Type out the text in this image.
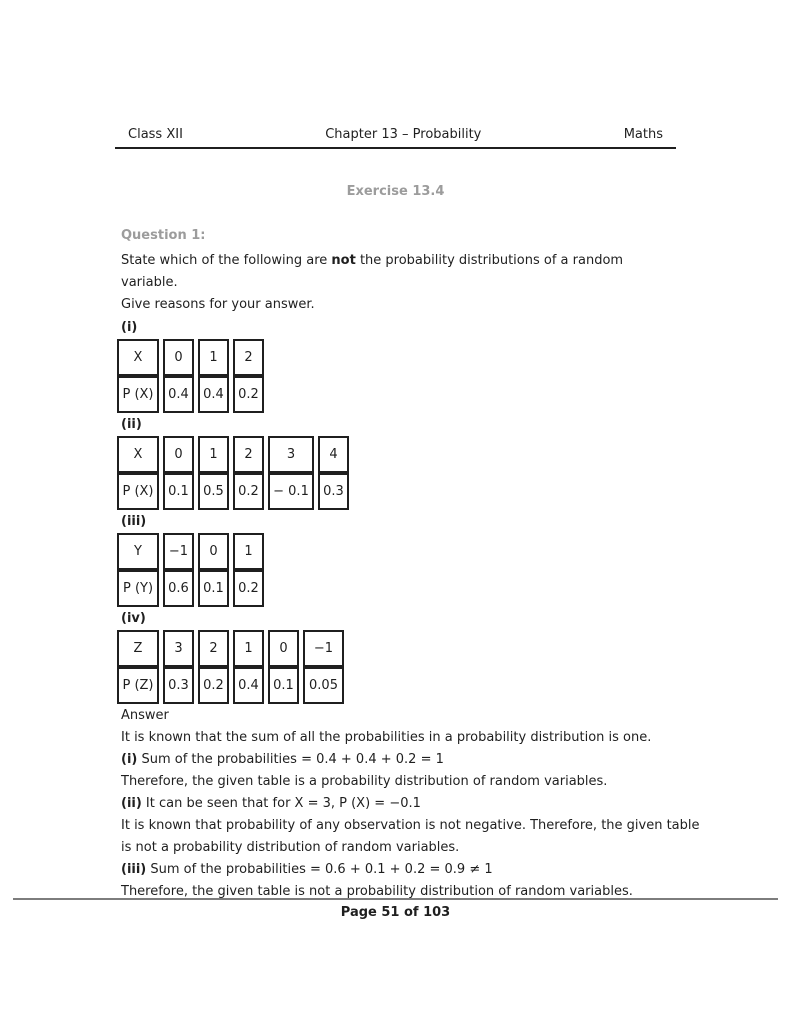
Class XII	Chapter 13 – Probability	Maths
Exercise 13.4
Question 1:

State which of the following are not the probability distributions of a random variable.

Give reasons for your answer.

(i)
X	0	1	2
P (X)	0.4	0.4	0.2
(ii)
X	0	1	2	3	4
P (X)	0.1	0.5	0.2	− 0.1	0.3
(iii)
Y	−1	0	1
P (Y)	0.6	0.1	0.2
(iv)
Z	3	2	1	0	−1
P (Z)	0.3	0.2	0.4	0.1	0.05
Answer

It is known that the sum of all the probabilities in a probability distribution is one.

(i) Sum of the probabilities = 0.4 + 0.4 + 0.2 = 1

Therefore, the given table is a probability distribution of random variables.

(ii) It can be seen that for X = 3, P (X) = −0.1

It is known that probability of any observation is not negative. Therefore, the given table

is not a probability distribution of random variables.

(iii) Sum of the probabilities = 0.6 + 0.1 + 0.2 = 0.9 ≠ 1

Therefore, the given table is not a probability distribution of random variables.

Page 51 of 103
